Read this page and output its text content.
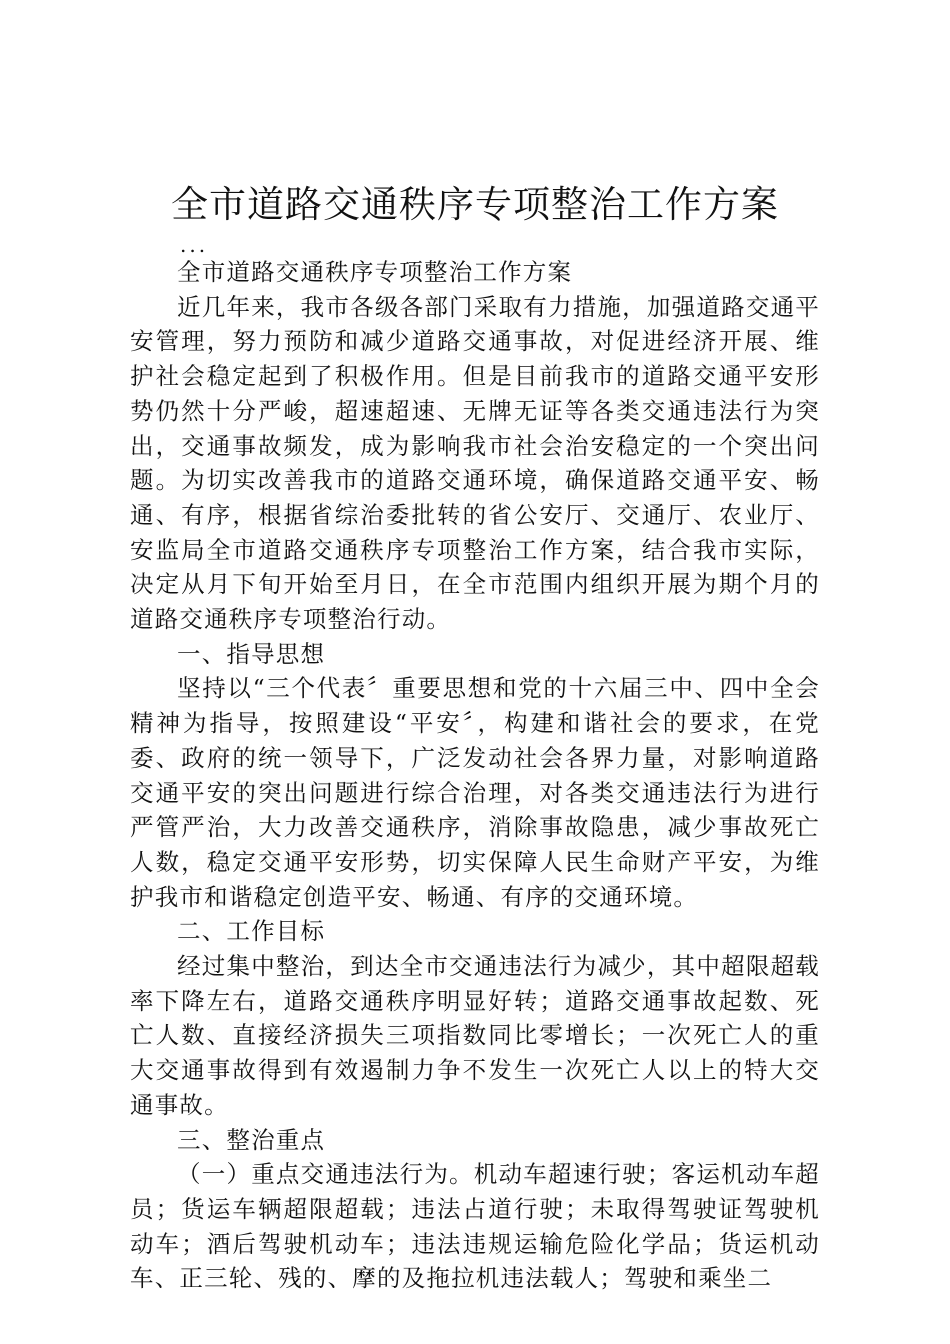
全市道路交通秩序专项整治工作方案
...

全市道路交通秩序专项整治工作方案

近几年来，我市各级各部门采取有力措施，加强道路交通平安管理，努力预防和减少道路交通事故，对促进经济开展、维护社会稳定起到了积极作用。但是目前我市的道路交通平安形势仍然十分严峻，超速超速、无牌无证等各类交通违法行为突出，交通事故频发，成为影响我市社会治安稳定的一个突出问题。为切实改善我市的道路交通环境，确保道路交通平安、畅通、有序，根据省综治委批转的省公安厅、交通厅、农业厅、安监局全市道路交通秩序专项整治工作方案，结合我市实际，决定从月下旬开始至月日，在全市范围内组织开展为期个月的道路交通秩序专项整治行动。

一、指导思想

坚持以“三个代表〞重要思想和党的十六届三中、四中全会精神为指导，按照建设“平安〞，构建和谐社会的要求，在党委、政府的统一领导下，广泛发动社会各界力量，对影响道路交通平安的突出问题进行综合治理，对各类交通违法行为进行严管严治，大力改善交通秩序，消除事故隐患，减少事故死亡人数，稳定交通平安形势，切实保障人民生命财产平安，为维护我市和谐稳定创造平安、畅通、有序的交通环境。

二、工作目标

经过集中整治，到达全市交通违法行为减少，其中超限超载率下降左右，道路交通秩序明显好转；道路交通事故起数、死亡人数、直接经济损失三项指数同比零增长；一次死亡人的重大交通事故得到有效遏制力争不发生一次死亡人以上的特大交通事故。

三、整治重点

（一）重点交通违法行为。机动车超速行驶；客运机动车超员；货运车辆超限超载；违法占道行驶；未取得驾驶证驾驶机动车；酒后驾驶机动车；违法违规运输危险化学品；货运机动车、正三轮、残的、摩的及拖拉机违法载人；驾驶和乘坐二
